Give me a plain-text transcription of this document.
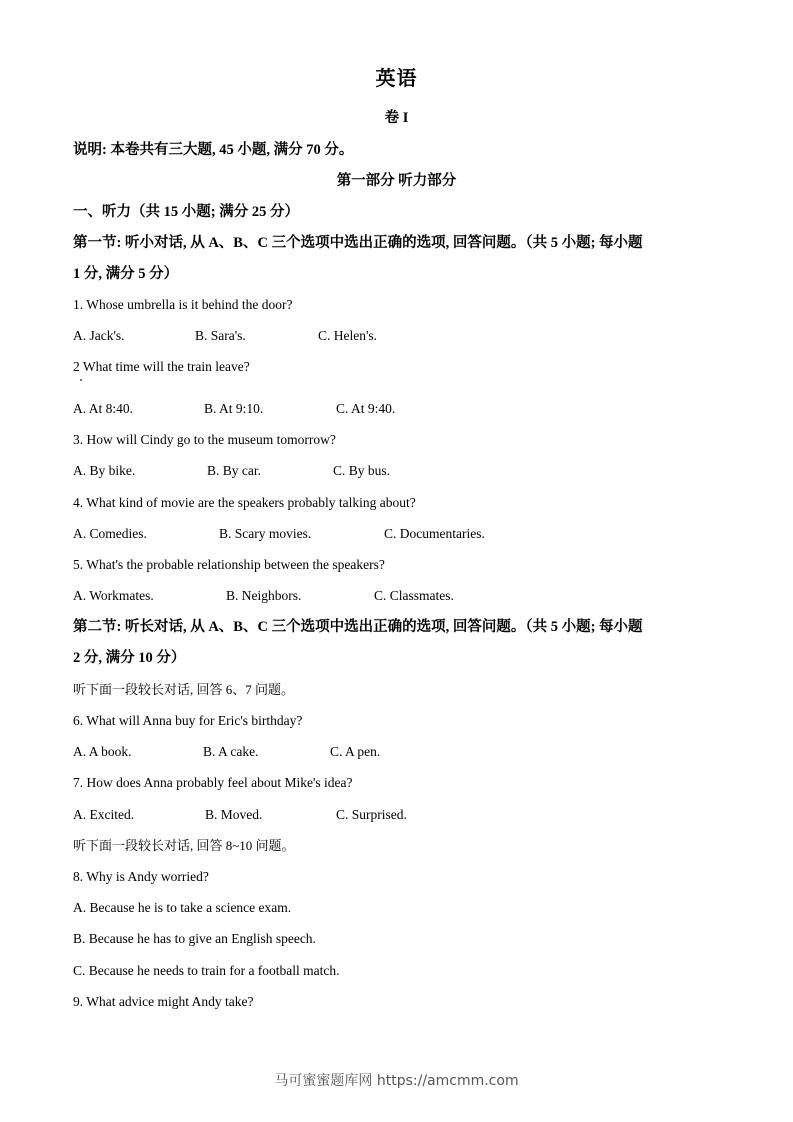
英语
卷 I
说明: 本卷共有三大题, 45 小题, 满分 70 分。
第一部分 听力部分
一、听力（共 15 小题; 满分 25 分）
第一节: 听小对话, 从 A、B、C 三个选项中选出正确的选项, 回答问题。（共 5 小题; 每小题
1 分, 满分 5 分）
1. Whose umbrella is it behind the door?
A. Jack's.	B. Sara's.	C. Helen's.
2 What time will the train leave?
A. At 8:40.	B. At 9:10.	C. At 9:40.
3. How will Cindy go to the museum tomorrow?
A. By bike.	B. By car.	C. By bus.
4. What kind of movie are the speakers probably talking about?
A. Comedies.	B. Scary movies.	C. Documentaries.
5. What's the probable relationship between the speakers?
A. Workmates.	B. Neighbors.	C. Classmates.
第二节: 听长对话, 从 A、B、C 三个选项中选出正确的选项, 回答问题。（共 5 小题; 每小题
2 分, 满分 10 分）
听下面一段较长对话, 回答 6、7 问题。
6. What will Anna buy for Eric's birthday?
A. A book.	B. A cake.	C. A pen.
7. How does Anna probably feel about Mike's idea?
A. Excited.	B. Moved.	C. Surprised.
听下面一段较长对话, 回答 8~10 问题。
8. Why is Andy worried?
A. Because he is to take a science exam.
B. Because he has to give an English speech.
C. Because he needs to train for a football match.
9. What advice might Andy take?
马可蜜蜜题库网 https://amcmm.com
